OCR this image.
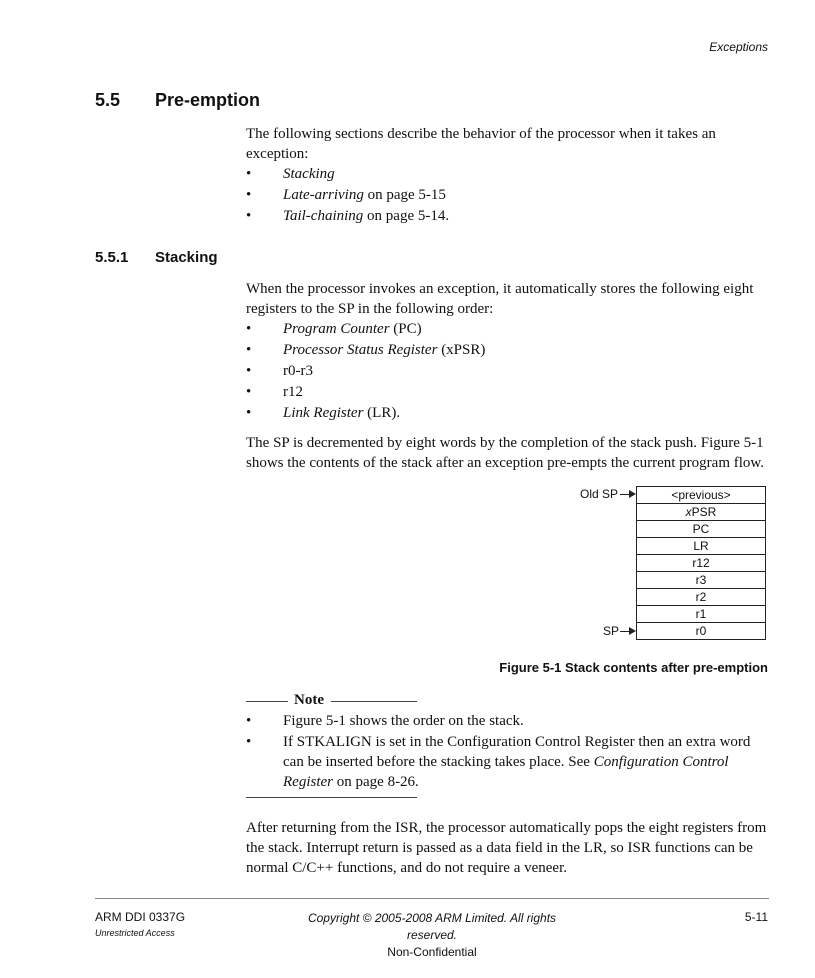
Exceptions
5.5 Pre-emption

The following sections describe the behavior of the processor when it takes an exception:

• Stacking
• Late-arriving on page 5-15
• Tail-chaining on page 5-14.
5.5.1 Stacking

When the processor invokes an exception, it automatically stores the following eight registers to the SP in the following order:

• Program Counter (PC)
• Processor Status Register (xPSR)
• r0-r3
• r12
• Link Register (LR).

The SP is decremented by eight words by the completion of the stack push. Figure 5-1 shows the contents of the stack after an exception pre-empts the current program flow.

Old SP	<previous>
xPSR
PC
LR
r12
r3
r2
r1
r0
SP
Figure 5-1 Stack contents after pre-emption
Note
• Figure 5-1 shows the order on the stack.
• If STKALIGN is set in the Configuration Control Register then an extra word can be inserted before the stacking takes place. See Configuration Control Register on page 8-26.

After returning from the ISR, the processor automatically pops the eight registers from the stack. Interrupt return is passed as a data field in the LR, so ISR functions can be normal C/C++ functions, and do not require a veneer.

ARM DDI 0337G
Unrestricted Access
Copyright © 2005-2008 ARM Limited. All rights reserved.
Non-Confidential
5-11
